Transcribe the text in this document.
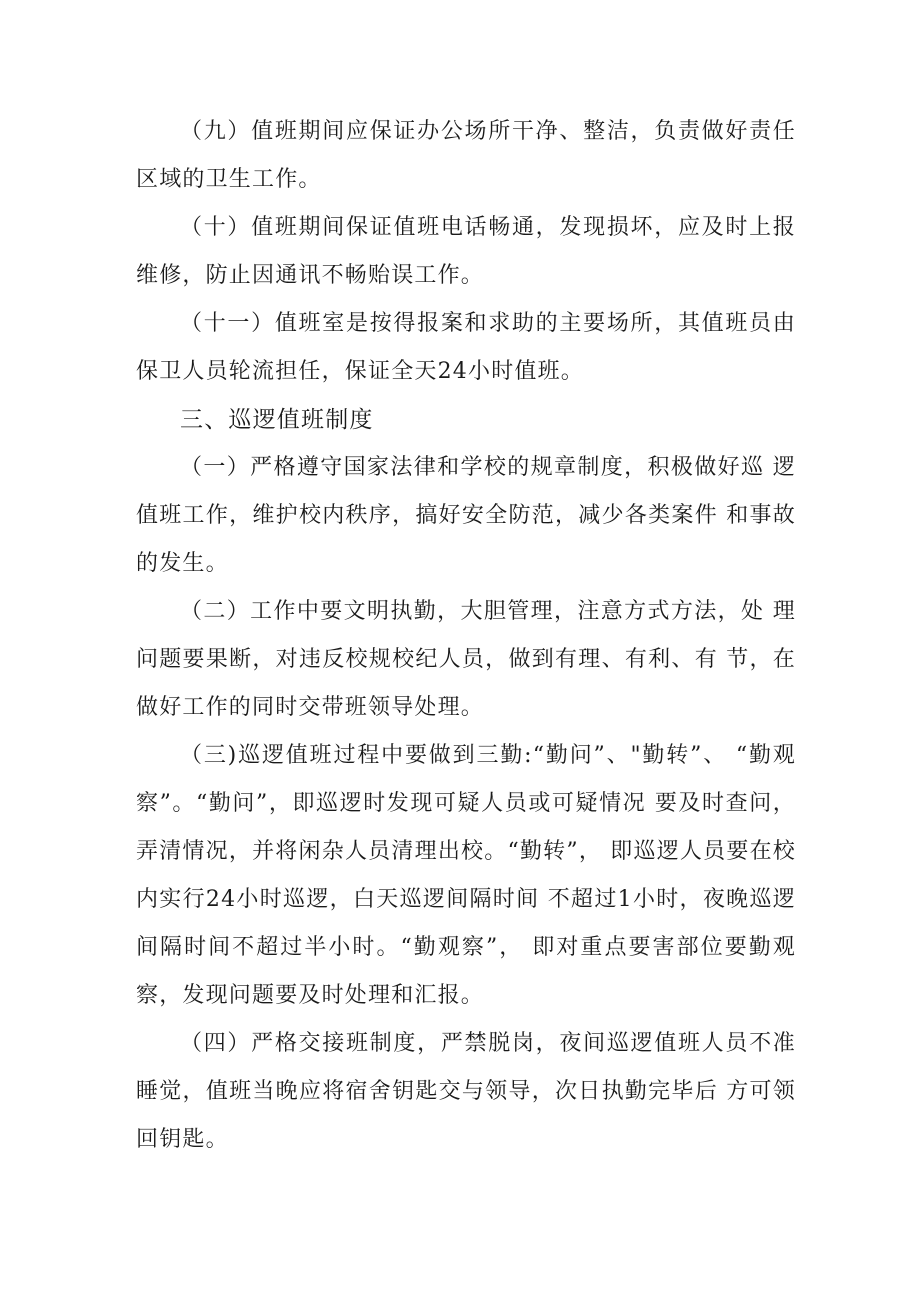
（九）值班期间应保证办公场所干净、整洁，负责做好责任区域的卫生工作。

（十）值班期间保证值班电话畅通，发现损坏，应及时上报维修，防止因通讯不畅贻误工作。

（十一）值班室是按得报案和求助的主要场所，其值班员由保卫人员轮流担任，保证全天24小时值班。

三、巡逻值班制度

（一）严格遵守国家法律和学校的规章制度，积极做好巡 逻值班工作，维护校内秩序，搞好安全防范，减少各类案件 和事故的发生。

（二）工作中要文明执勤，大胆管理，注意方式方法，处 理问题要果断，对违反校规校纪人员，做到有理、有利、有 节，在做好工作的同时交带班领导处理。

（三)巡逻值班过程中要做到三勤:“勤问”、"勤转”、 “勤观察”。“勤问”，即巡逻时发现可疑人员或可疑情况 要及时查问，弄清情况，并将闲杂人员清理出校。“勤转”， 即巡逻人员要在校内实行24小时巡逻，白天巡逻间隔时间 不超过1小时，夜晚巡逻间隔时间不超过半小时。“勤观察”， 即对重点要害部位要勤观察，发现问题要及时处理和汇报。

（四）严格交接班制度，严禁脱岗，夜间巡逻值班人员不准睡觉，值班当晚应将宿舍钥匙交与领导，次日执勤完毕后 方可领回钥匙。
